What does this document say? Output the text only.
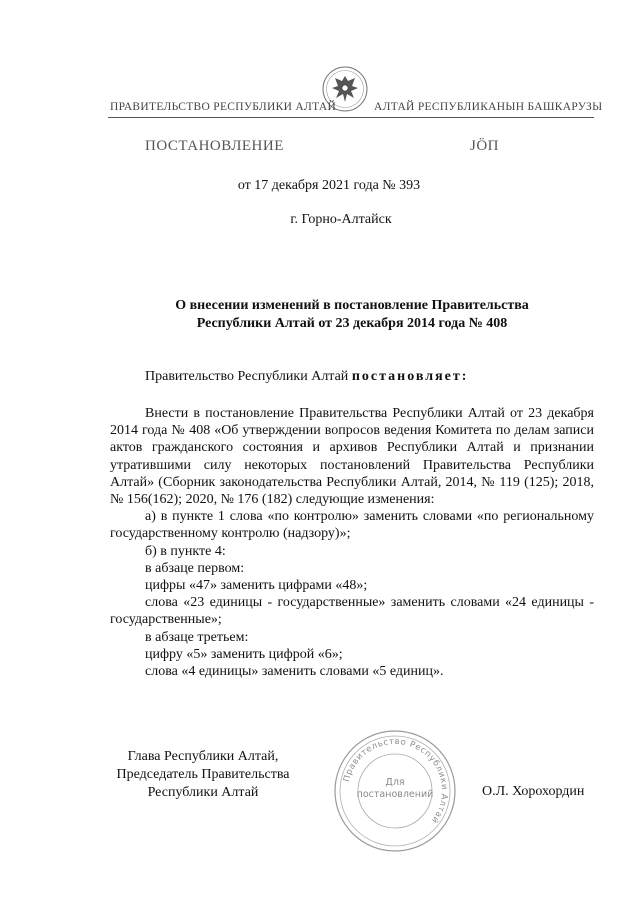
ПРАВИТЕЛЬСТВО РЕСПУБЛИКИ АЛТАЙ	АЛТАЙ РЕСПУБЛИКАНЫН БАШКАРУЗЫ
ПОСТАНОВЛЕНИЕ	JÖП
от 17 декабря 2021 года № 393
г. Горно-Алтайск
О внесении изменений в постановление Правительства
Республики Алтай от 23 декабря 2014 года № 408
Правительство Республики Алтай постановляет:

Внести в постановление Правительства Республики Алтай от 23 декабря 2014 года № 408 «Об утверждении вопросов ведения Комитета по делам записи актов гражданского состояния и архивов Республики Алтай и признании утратившими силу некоторых постановлений Правительства Республики Алтай» (Сборник законодательства Республики Алтай, 2014, № 119 (125); 2018, № 156(162); 2020, № 176 (182) следующие изменения:

а) в пункте 1 слова «по контролю» заменить словами «по региональному государственному контролю (надзору)»;

б) в пункте 4:

в абзаце первом:

цифры «47» заменить цифрами «48»;

слова «23 единицы - государственные» заменить словами «24 единицы - государственные»;

в абзаце третьем:

цифру «5» заменить цифрой «6»;

слова «4 единицы» заменить словами «5 единиц».

Глава Республики Алтай,
Председатель Правительства
Республики Алтай	О.Л. Хорохордин
Правительство Республики Алтай
Для
постановлений
